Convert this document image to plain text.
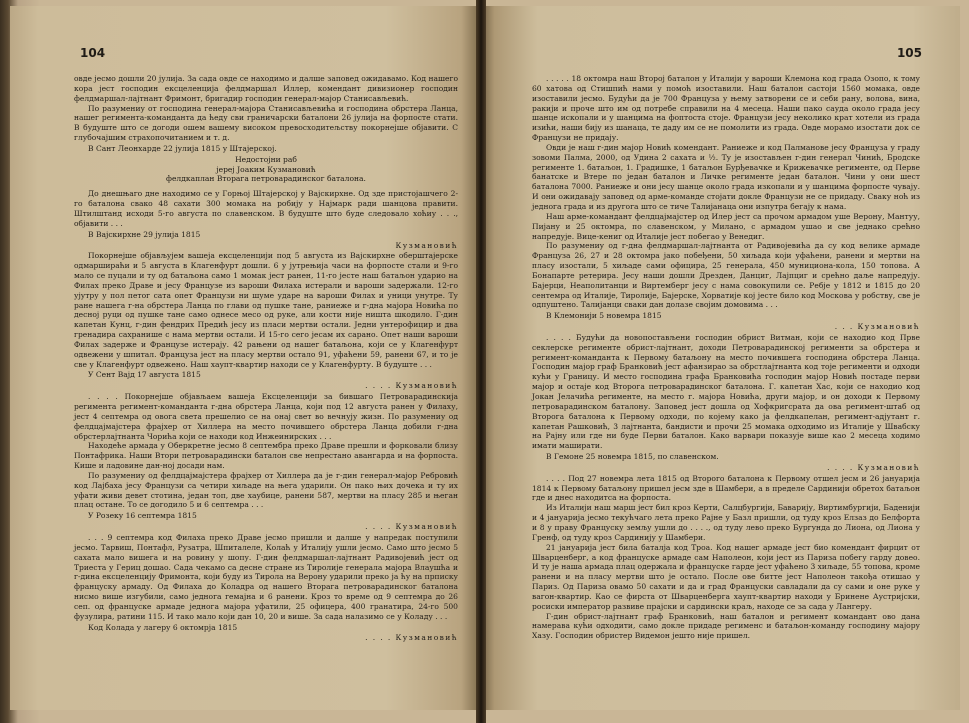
104

овде јесмо дошли 20 јулија. За сада овде се находимо и далше заповед ожидавамо. Код нашего кора јест господин ексцеленција фелдмаршал Иллер, комендант дивизионер господин фелдмаршал-лајтнант Фримонт, бригадир господин генерал-мајор Станисављевић.

По разумениу от господина генерал-мајора Станисављевића и господина обрстера Ланца, нашег регимента-команданта да ћеду сви граничарски баталони 26 јулија на форпосте стати. В будуште што се догоди ошем вашему високом превосходитељству покорнејше објавити. С глубочајшим страхопочитанием и т. д.

В Сант Леонхарде 22 јулија 1815 у Штајерској.

Недостојни раб

јереј Јоаким Кузмановић

фелдкаплан Вторага петроварадинског баталона.

До днешњаго дне находимо се у Горњој Штајерској у Вајскирхне. Од зде пристојашчего 2-го баталона свако 48 сахати 300 момака на робију у Најмарк ради шанцова правити. Штилштанд исходи 5-го августа по славенском. В будуште што буде следовало хоћиу . . ., објавити . . .

В Вајскирхне 29 јулија 1815

Кузмановић

Покорнејше објављујем вашеја ексцеленцији под 5 августа из Вајскирхне оберштајерске одмаршираћи и 5 августа в Клагенфурт дошли. 6 у јутрењија часи на форпосте стали и 9-го мало се пуцали и ту од батаљона само 1 момак јест ранен, 11-го јесте наш батаљон ударио на Филах преко Драве и јесу Французе из вароши Филаха истерали и вароши задержали. 12-го ујутру у пол петог сата опет Французи ни шуме ударе на вароши Филах и уници унутре. Ту ране нашега г-на обрстера Ланца по глави од пушке тане, раниеже и г-дна мајора Новића по десној руци од пушке тане само однесе месо од руке, али кости није ништа шкодило. Г-дин капетан Кунц, г-дин фендрих Предић јесу из пласи мертви остали. Једни унтерофицир и два гренадира сахранише с нама мертви остали. И 15-го сего јесам их сарано. Опет наши вароши Филах задерже и Французе истерају. 42 рањени од нашег батаљона, који се у Клагенфурт одвежени у шпитал. Француза јест на пласу мертви остало 91, уфаћени 59, ранени 67, и то је све у Клагенфурт одвежено. Наш хаупт-квартир находи се у Клагенфурту. В будуште . . .

У Сент Вајд 17 августа 1815

. . . . Кузмановић

. . . . Покорнејше објављаем вашеја Ексцеленцији за бившаго Петроварадинскија регимента регимент-команданта г-дна обрстера Ланца, који под 12 августа ранен у Филаху, јест 4 септемра од овога света прешелио се на онај свет во вечнују жизн. По разумениу од фелдцајмајстера фрајхер от Хиллера на место почившего обрстера Ланца добили г-дна обрстерлајтнанта Чорића који се находи код Инжеинирских . . .

Находеће армада у Оберкретне јесмо 8 септембра преко Драве прешли и форковали близу Понтафрика. Наши Втори петроварадински баталон све непрестано авангарда и на форпоста. Кише и ладовине дан-ној досади нам.

По разумениу од фелдцајмајстера фрајхер от Хиллера да је г-дин генерал-мајор Ребровић код Лајбаха јесу Французи са четири хиљаде на њега ударили. Он пако њих дочека и ту их уфати живи девет стотина, један топ, две хаубице, ранени 587, мертви на пласу 285 и његан плац остане. То се догодило 5 и 6 септемра . . .

У Розеку 16 септемра 1815

. . . . Кузмановић

. . . 9 септемра код Филаха преко Драве јесмо пришли и далше у напредак поступили јесмо. Тарвиш, Понтафл, Рузатра, Шпиталеле, Колаћ у Италију ушли јесмо. Само што јесмо 5 сахата мало вишега и на ровину у шопу. Г-дин фелдмаршал-лајтнант Радивојевић јест од Триеста у Гериц дошао. Сада чекамо са десне стране из Тиролије генерала мајора Влаушћа и г-дина ексцеленцију Фримонта, који буду из Тирола на Верону ударили преко ја ћу на прписку француску армаду. Од Филаха до Коладра од нашего Вторага петроварадинског баталона нисмо више изгубили, само једнога гемајна и 6 ранени. Кроз то време од 9 септемра до 26 сеп. од француске армаде једнога мајора уфатили, 25 офицера, 400 гранатира, 24-го 500 фузулира, ратини 115. И тако мало који дан 10, 20 и више. За сада налазимо се у Коладу . . .

Код Колада у лагеру 6 октомрја 1815

. . . . Кузмановић

105

. . . . . 18 октомра наш Второј баталон у Италији у вароши Клемона код града Озопо, к тому 60 хатова од Стишпић нами у помоћ изоставили. Наш баталон састоји 1560 момака, овде изоставили јесмо. Будући да је 700 Француза у њему затворени се и себи рану, волова, вина, ракији и проче што им од потребе справили на 4 месеца. Наши пако сауда около града јесу шанце ископали и у шанцима на фоптоста стоје. Французи јесу неколико крат хотели из града изићи, наши бију из шанаца, те даду им се не помолити из града. Овде морамо изостати док се Французи не придају.

Овди је наш г-дин мајор Новић комендант. Раниеже и код Палманове јесу Француза у граду зовоми Палма, 2000, од Удина 2 сахата и ½. Ту је изостављен г-дин генерал Чинић, Бродске регименте 1. батаљон, 1. Градишке, 1 батаљон Бурђевачке и Крижевачке регименте, од Перве банатске и Втере по један баталон и Личке регименте један баталон. Чини у они шест баталона 7000. Раниеже и они јесу шанце около града изкопали и у шанцима форпосте чувају. И они ожидавају заповед од арме-команде стојати докле Французи не се придаду. Сваку ноћ из једнога града и из другога што се тиче Талијанаца они изпутра бегају к нама.

Наш арме-командант фелдцајмајстер од Илер јест са прочом армадом уше Верону, Мантуу, Пијану и 25 октомра, по славенском, у Милано, с армадом ушао и све једнако срећно напредује. Вице-кениг од Италије јест побегао у Венедиг.

По разумениу од г-дна фелдмаршал-лајтнанта от Радивојевића да су код велике армаде Француза 26, 27 и 28 октомра јако побеђени, 50 хиљада који уфаћени, ранени и мертви на пласу изостали, 5 хиљаде сами официра, 25 генерала, 450 мунициона-кола, 150 топова. А Бонапарте ретерира. Јесу наши дошли Дрезден, Данциг, Лајпциг и срећно даље напредују. Бајерци, Неаполитанци и Виртемберг јесу с нама совокупили се. Ребје у 1812 и 1815 до 20 сентемра од Италије, Тиролије, Бајерске, Хорватије кој јесте било код Москова у робству, све је одпуштено. Талијанци сваки дан долазе својим домовима . . .

В Клемонији 5 новемра 1815

. . . Кузмановић

. . . . Будући да новопостављени господин обрист Витман, који се находио код Прве секлерске регименте обрист-лајтнант, доходи Петроварадинској регименти за обрстера и регимент-команданта к Первому батаљону на место почившега господина обрстера Ланца. Господин мајор граф Бранковић јест афанзирао за обрстлајтнанта код тоје регименти и одходи кући у Границу. И место господина графа Бранковића господин мајор Новић постаде перви мајор и остаје код Второга петроварадинског баталона. Г. капетан Хас, који се находио код Јокан Јелачића регименте, на место г. мајора Новића, други мајор, и он доходи к Первому петроварадинском баталону. Заповед јест дошла од Хофкригсрата да ова регимент-штаб од Второга баталона к Первому одходи, по којему како ја фелдкапелан, регимент-адјутант г. капетан Рашковић, 3 лајтнанта, бандисти и прочи 25 момака одходимо из Италије у Швабску на Рајну или где ни буде Перви баталон. Како варвари показује више као 2 месеца ходимо имати маширати.

В Гемоне 25 новемра 1815, по славенском.

. . . . Кузмановић

. . . . Под 27 новемра лета 1815 од Второго баталона к Первому отшел јесм и 26 јануарија 1814 к Первому батаљону пришел јесм зде в Шамбери, а в пределе Сардинији обретох батаљон где и днес находитса на форпоста.

Из Италији наш марш јест бил кроз Керти, Салцбургији, Баварију, Виртимбургији, Баденији и 4 јануарија јесмо текућчаго лета преко Рајне у Базл пришли, од туду кроз Елзаз до Белфорта и 8 у праву Француску земљу ушли до . . . ., од туду лево преко Бургунда до Лиона, од Лиона у Гренф, од туду кроз Сардинију у Шамбери.

21 јануарија јест била баталја код Троа. Код нашег армаде јест био комендант фирцит от Шварценберг, а код француске армаде сам Наполеон, који јест из Париза побегу гарду довео. И ту је наша армада плац одержала и француске гарде јест уфаћено 3 хиљаде, 55 топова, кроме ранени и на пласу мертви што је остало. После ове битте јест Наполеон такођа отишао у Париз. Од Париза овамо 50 сахати и да и град Француски савладали да су сами и оне руке у вагон-квартир. Као се фирста от Шварценберга хаупт-квартир находи у Бринене Аустријски, росиски император развиве прајски и сардински краљ, находе се за сада у Лангеру.

Г-дин обрист-лајтнант граф Бранковић, наш баталон и регимент командант ово дана намерава кући одходити, само докле придаде регименс и батаљон-команду господину мајору Хазу. Господин обристер Видемон јешто није пришел.
